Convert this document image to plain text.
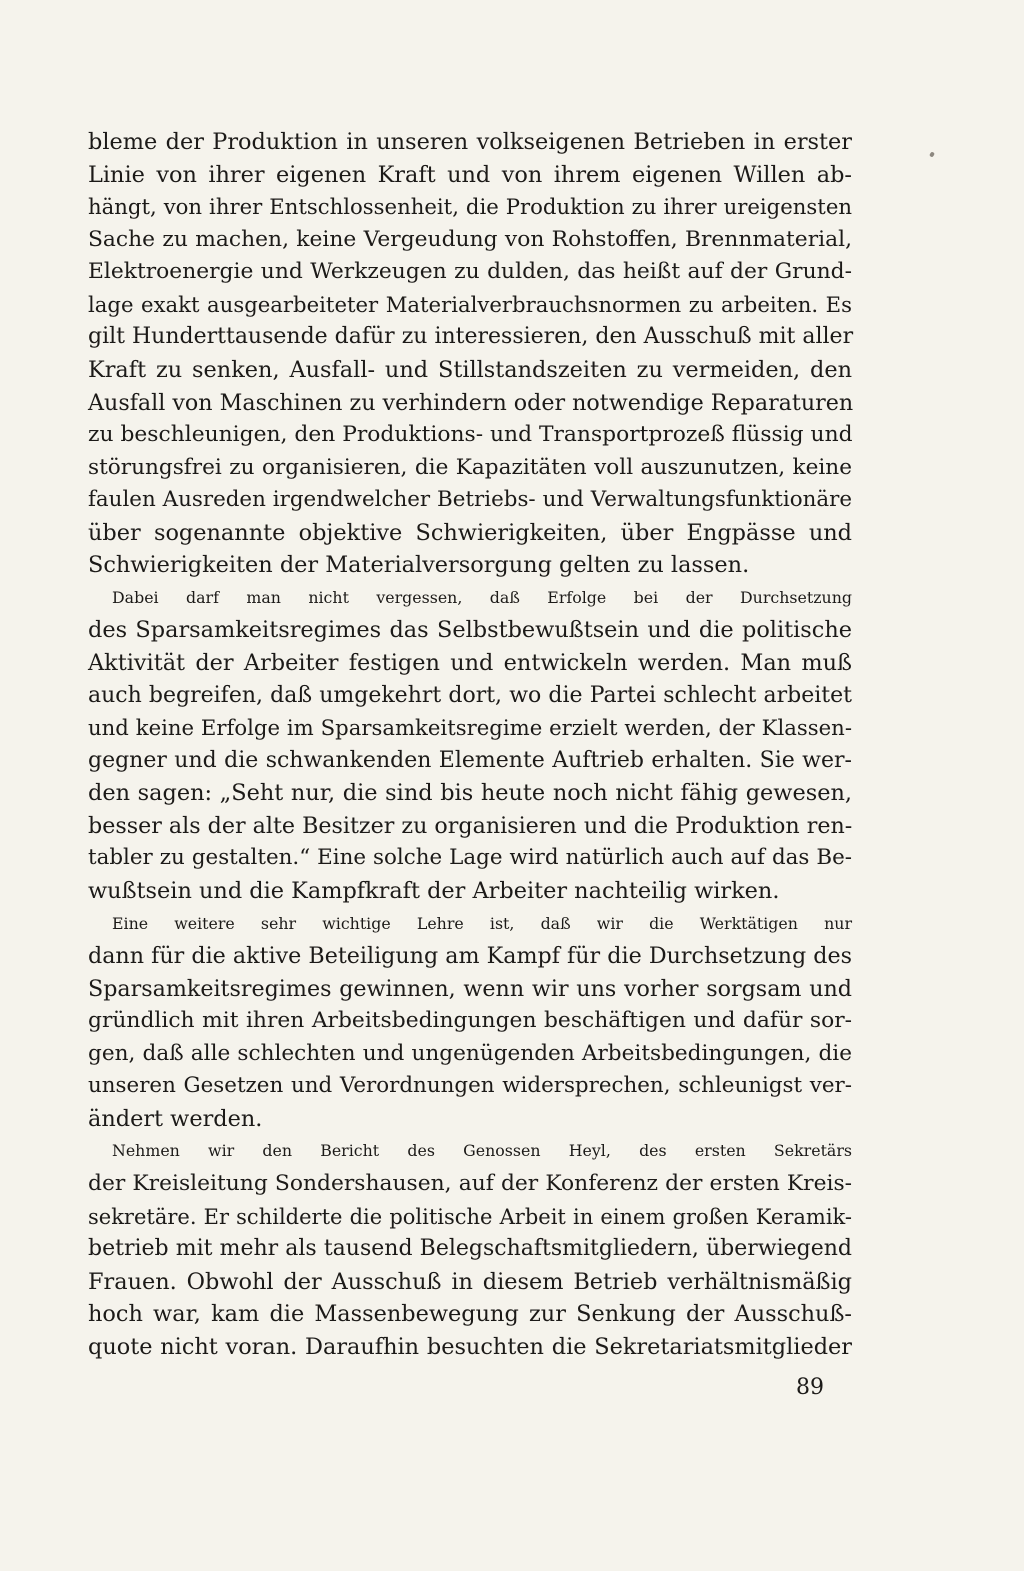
bleme der Produktion in unseren volkseigenen Betrieben in erster
Linie von ihrer eigenen Kraft und von ihrem eigenen Willen ab-
hängt, von ihrer Entschlossenheit, die Produktion zu ihrer ureigensten
Sache zu machen, keine Vergeudung von Rohstoffen, Brennmaterial,
Elektroenergie und Werkzeugen zu dulden, das heißt auf der Grund-
lage exakt ausgearbeiteter Materialverbrauchsnormen zu arbeiten. Es
gilt Hunderttausende dafür zu interessieren, den Ausschuß mit aller
Kraft zu senken, Ausfall- und Stillstandszeiten zu vermeiden, den
Ausfall von Maschinen zu verhindern oder notwendige Reparaturen
zu beschleunigen, den Produktions- und Transportprozeß flüssig und
störungsfrei zu organisieren, die Kapazitäten voll auszunutzen, keine
faulen Ausreden irgendwelcher Betriebs- und Verwaltungsfunktionäre
über sogenannte objektive Schwierigkeiten, über Engpässe und
Schwierigkeiten der Materialversorgung gelten zu lassen.
Dabei darf man nicht vergessen, daß Erfolge bei der Durchsetzung
des Sparsamkeitsregimes das Selbstbewußtsein und die politische
Aktivität der Arbeiter festigen und entwickeln werden. Man muß
auch begreifen, daß umgekehrt dort, wo die Partei schlecht arbeitet
und keine Erfolge im Sparsamkeitsregime erzielt werden, der Klassen-
gegner und die schwankenden Elemente Auftrieb erhalten. Sie wer-
den sagen: „Seht nur, die sind bis heute noch nicht fähig gewesen,
besser als der alte Besitzer zu organisieren und die Produktion ren-
tabler zu gestalten.“ Eine solche Lage wird natürlich auch auf das Be-
wußtsein und die Kampfkraft der Arbeiter nachteilig wirken.
Eine weitere sehr wichtige Lehre ist, daß wir die Werktätigen nur
dann für die aktive Beteiligung am Kampf für die Durchsetzung des
Sparsamkeitsregimes gewinnen, wenn wir uns vorher sorgsam und
gründlich mit ihren Arbeitsbedingungen beschäftigen und dafür sor-
gen, daß alle schlechten und ungenügenden Arbeitsbedingungen, die
unseren Gesetzen und Verordnungen widersprechen, schleunigst ver-
ändert werden.
Nehmen wir den Bericht des Genossen Heyl, des ersten Sekretärs
der Kreisleitung Sondershausen, auf der Konferenz der ersten Kreis-
sekretäre. Er schilderte die politische Arbeit in einem großen Keramik-
betrieb mit mehr als tausend Belegschaftsmitgliedern, überwiegend
Frauen. Obwohl der Ausschuß in diesem Betrieb verhältnismäßig
hoch war, kam die Massenbewegung zur Senkung der Ausschuß-
quote nicht voran. Daraufhin besuchten die Sekretariatsmitglieder
89
